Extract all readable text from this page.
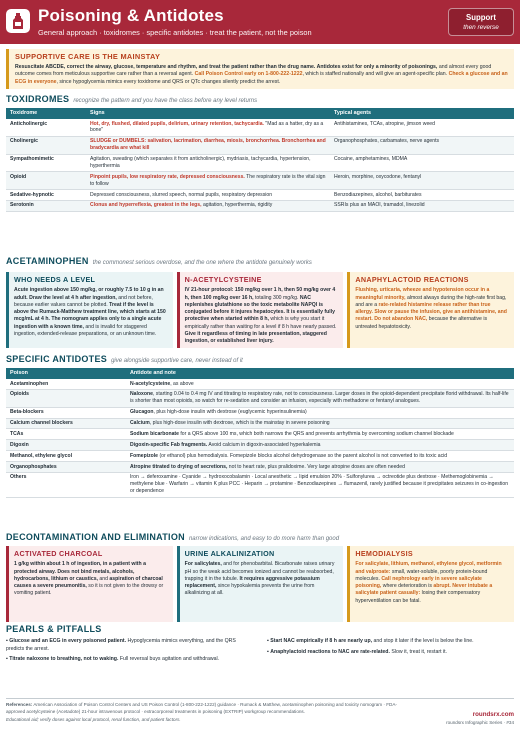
Poisoning & Antidotes
General approach · toxidromes · specific antidotes · treat the patient, not the poison
Support
then reverse
SUPPORTIVE CARE IS THE MAINSTAY
Resuscitate ABCDE, correct the airway, glucose, temperature and rhythm, and treat the patient rather than the drug name. Antidotes exist for only a minority of poisonings, and almost every good outcome comes from meticulous supportive care rather than a reversal agent. Call Poison Control early on 1-800-222-1222, which is staffed nationally and will give an agent-specific plan. Check a glucose and an ECG in everyone, since hypoglycemia mimics every toxidrome and QRS or QTc changes silently predict the arrest.
TOXIDROMES recognize the pattern and you have the class before any level returns
Toxidrome	Signs	Typical agents
Anticholinergic	Hot, dry, flushed, dilated pupils, delirium, urinary retention, tachycardia. "Mad as a hatter, dry as a bone"	Antihistamines, TCAs, atropine, jimson weed
Cholinergic	SLUDGE or DUMBELS: salivation, lacrimation, diarrhea, miosis, bronchorrhea. Bronchorrhea and bradycardia are what kill	Organophosphates, carbamates, nerve agents
Sympathomimetic	Agitation, sweating (which separates it from anticholinergic), mydriasis, tachycardia, hypertension, hyperthermia	Cocaine, amphetamines, MDMA
Opioid	Pinpoint pupils, low respiratory rate, depressed consciousness. The respiratory rate is the vital sign to follow	Heroin, morphine, oxycodone, fentanyl
Sedative-hypnotic	Depressed consciousness, slurred speech, normal pupils, respiratory depression	Benzodiazepines, alcohol, barbiturates
Serotonin	Clonus and hyperreflexia, greatest in the legs, agitation, hyperthermia, rigidity	SSRIs plus an MAOI, tramadol, linezolid
ACETAMINOPHEN the commonest serious overdose, and the one where the antidote genuinely works
WHO NEEDS A LEVEL
Acute ingestion above 150 mg/kg, or roughly 7.5 to 10 g in an adult. Draw the level at 4 h after ingestion, and not before, because earlier values cannot be plotted. Treat if the level is above the Rumack-Matthew treatment line, which starts at 150 mcg/mL at 4 h. The nomogram applies only to a single acute ingestion with a known time, and is invalid for staggered ingestion, extended-release preparations, or an unknown time.
N-ACETYLCYSTEINE
IV 21-hour protocol: 150 mg/kg over 1 h, then 50 mg/kg over 4 h, then 100 mg/kg over 16 h, totaling 300 mg/kg. NAC replenishes glutathione so the toxic metabolite NAPQI is conjugated before it injures hepatocytes. It is essentially fully protective when started within 8 h, which is why you start it empirically rather than waiting for a level if 8 h have nearly passed. Give it regardless of timing in late presentation, staggered ingestion, or established liver injury.
ANAPHYLACTOID REACTIONS
Flushing, urticaria, wheeze and hypotension occur in a meaningful minority, almost always during the high-rate first bag, and are a rate-related histamine release rather than true allergy. Slow or pause the infusion, give an antihistamine, and restart. Do not abandon NAC, because the alternative is untreated hepatotoxicity.
SPECIFIC ANTIDOTES give alongside supportive care, never instead of it
Poison	Antidote and note
Acetaminophen	N-acetylcysteine, as above
Opioids	Naloxone, starting 0.04 to 0.4 mg IV and titrating to respiratory rate, not to consciousness. Larger doses in the opioid-dependent precipitate florid withdrawal. Its half-life is shorter than most opioids, so watch for re-sedation and consider an infusion, especially with methadone or fentanyl analogues.
Beta-blockers	Glucagon, plus high-dose insulin with dextrose (euglycemic hyperinsulinemia)
Calcium channel blockers	Calcium, plus high-dose insulin with dextrose, which is the mainstay in severe poisoning
TCAs	Sodium bicarbonate for a QRS above 100 ms, which both narrows the QRS and prevents arrhythmia by overcoming sodium channel blockade
Digoxin	Digoxin-specific Fab fragments. Avoid calcium in digoxin-associated hyperkalemia
Methanol, ethylene glycol	Fomepizole (or ethanol) plus hemodialysis. Fomepizole blocks alcohol dehydrogenase so the parent alcohol is not converted to its toxic acid
Organophosphates	Atropine titrated to drying of secretions, not to heart rate, plus pralidoxime. Very large atropine doses are often needed
Others	Iron → deferoxamine · Cyanide → hydroxocobalamin · Local anesthetic → lipid emulsion 20% · Sulfonylurea → octreotide plus dextrose · Methemoglobinemia → methylene blue · Warfarin → vitamin K plus PCC · Heparin → protamine · Benzodiazepines → flumazenil, rarely justified because it precipitates seizures in co-ingestion or dependence
DECONTAMINATION AND ELIMINATION narrow indications, and easy to do more harm than good
ACTIVATED CHARCOAL
1 g/kg within about 1 h of ingestion, in a patient with a protected airway. Does not bind metals, alcohols, hydrocarbons, lithium or caustics, and aspiration of charcoal causes a severe pneumonitis, so it is not given to the drowsy or vomiting patient.
URINE ALKALINIZATION
For salicylates, and for phenobarbital. Bicarbonate raises urinary pH so the weak acid becomes ionized and cannot be reabsorbed, trapping it in the tubule. It requires aggressive potassium replacement, since hypokalemia prevents the urine from alkalinizing at all.
HEMODIALYSIS
For salicylate, lithium, methanol, ethylene glycol, metformin and valproate: small, water-soluble, poorly protein-bound molecules. Call nephrology early in severe salicylate poisoning, where deterioration is abrupt. Never intubate a salicylate patient casually: losing their compensatory hyperventilation can be fatal.
PEARLS & PITFALLS
▪ Glucose and an ECG in every poisoned patient. Hypoglycemia mimics everything, and the QRS predicts the arrest.
▪ Titrate naloxone to breathing, not to waking. Full reversal buys agitation and withdrawal.
▪ Start NAC empirically if 8 h are nearly up, and stop it later if the level is below the line.
▪ Anaphylactoid reactions to NAC are rate-related. Slow it, treat it, restart it.
References: American Association of Poison Control Centers and US Poison Control (1-800-222-1222) guidance · Rumack & Matthew, acetaminophen poisoning and toxicity nomogram · FDA-approved acetylcysteine (Acetadote) 21-hour intravenous protocol · extracorporeal treatments in poisoning (EXTRIP) workgroup recommendations.
Educational aid; verify doses against local protocol, renal function, and patient factors.
roundsrx.com
roundsrx Infographic Series · #34
